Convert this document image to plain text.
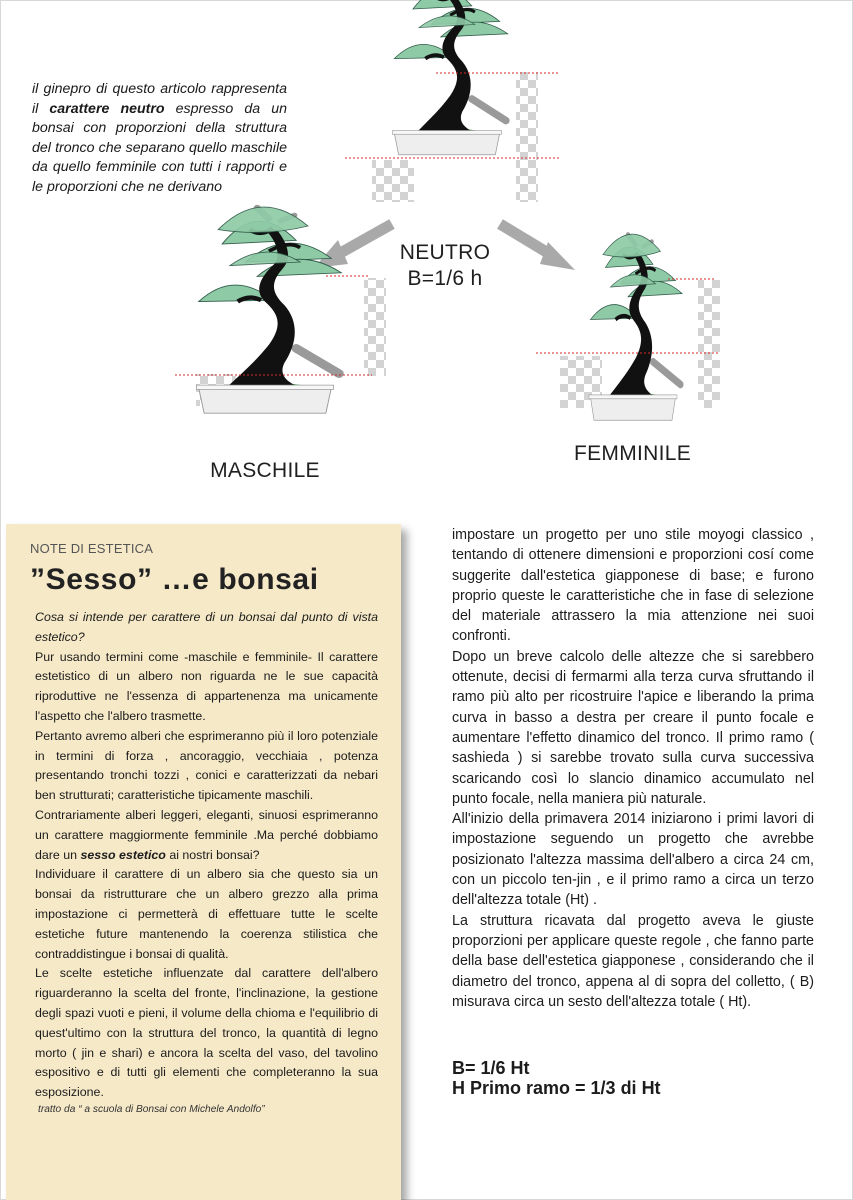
il ginepro di questo articolo rappresenta il carattere neutro espresso da un bonsai con proporzioni della struttura del tronco che separano quello maschile da quello femminile con tutti i rapporti e le proporzioni che ne derivano

NEUTRO
B=1/6 h
MASCHILE
FEMMINILE
NOTE DI ESTETICA
”Sesso” …e bonsai

Cosa si intende per carattere di un bonsai dal punto di vista estetico?

Pur usando termini come -maschile e femminile- Il carattere estetistico di un albero non riguarda ne le sue capacità riproduttive ne l'essenza di appartenenza ma unicamente l'aspetto che l'albero trasmette.

Pertanto avremo alberi che esprimeranno più il loro potenziale in termini di forza , ancoraggio, vecchiaia , potenza presentando tronchi tozzi , conici e caratterizzati da nebari ben strutturati; caratteristiche tipicamente maschili.

Contrariamente alberi leggeri, eleganti, sinuosi esprimeranno un carattere maggiormente femminile .Ma perché dobbiamo dare un sesso estetico ai nostri bonsai?

Individuare il carattere di un albero sia che questo sia un bonsai da ristrutturare che un albero grezzo alla prima impostazione ci permetterà di effettuare tutte le scelte estetiche future mantenendo la coerenza stilistica che contraddistingue i bonsai di qualità.

Le scelte estetiche influenzate dal carattere dell'albero riguarderanno la scelta del fronte, l'inclinazione, la gestione degli spazi vuoti e pieni, il volume della chioma e l'equilibrio di quest'ultimo con la struttura del tronco, la quantità di legno morto ( jin e shari) e ancora la scelta del vaso, del tavolino espositivo e di tutti gli elementi che completeranno la sua esposizione.

tratto da “ a scuola di Bonsai con Michele Andolfo”

impostare un progetto per uno stile moyogi classico , tentando di ottenere dimensioni e proporzioni cosí come suggerite dall'estetica giapponese di base; e furono proprio queste le caratteristiche che in fase di selezione del materiale attrassero la mia attenzione nei suoi confronti.

Dopo un breve calcolo delle altezze che si sarebbero ottenute, decisi di fermarmi alla terza curva sfruttando il ramo più alto per ricostruire l'apice e liberando la prima curva in basso a destra per creare il punto focale e aumentare l'effetto dinamico del tronco. Il primo ramo ( sashieda ) si sarebbe trovato sulla curva successiva scaricando così lo slancio dinamico accumulato nel punto focale, nella maniera più naturale.

All'inizio della primavera 2014 iniziarono i primi lavori di impostazione seguendo un progetto che avrebbe posizionato l'altezza massima dell'albero a circa 24 cm, con un piccolo ten-jin , e il primo ramo a circa un terzo dell'altezza totale (Ht) .

La struttura ricavata dal progetto aveva le giuste proporzioni per applicare queste regole , che fanno parte della base dell'estetica giapponese , considerando che il diametro del tronco, appena al di sopra del colletto, ( B) misurava circa un sesto dell'altezza totale ( Ht).

B= 1/6 Ht
H Primo ramo = 1/3 di Ht
